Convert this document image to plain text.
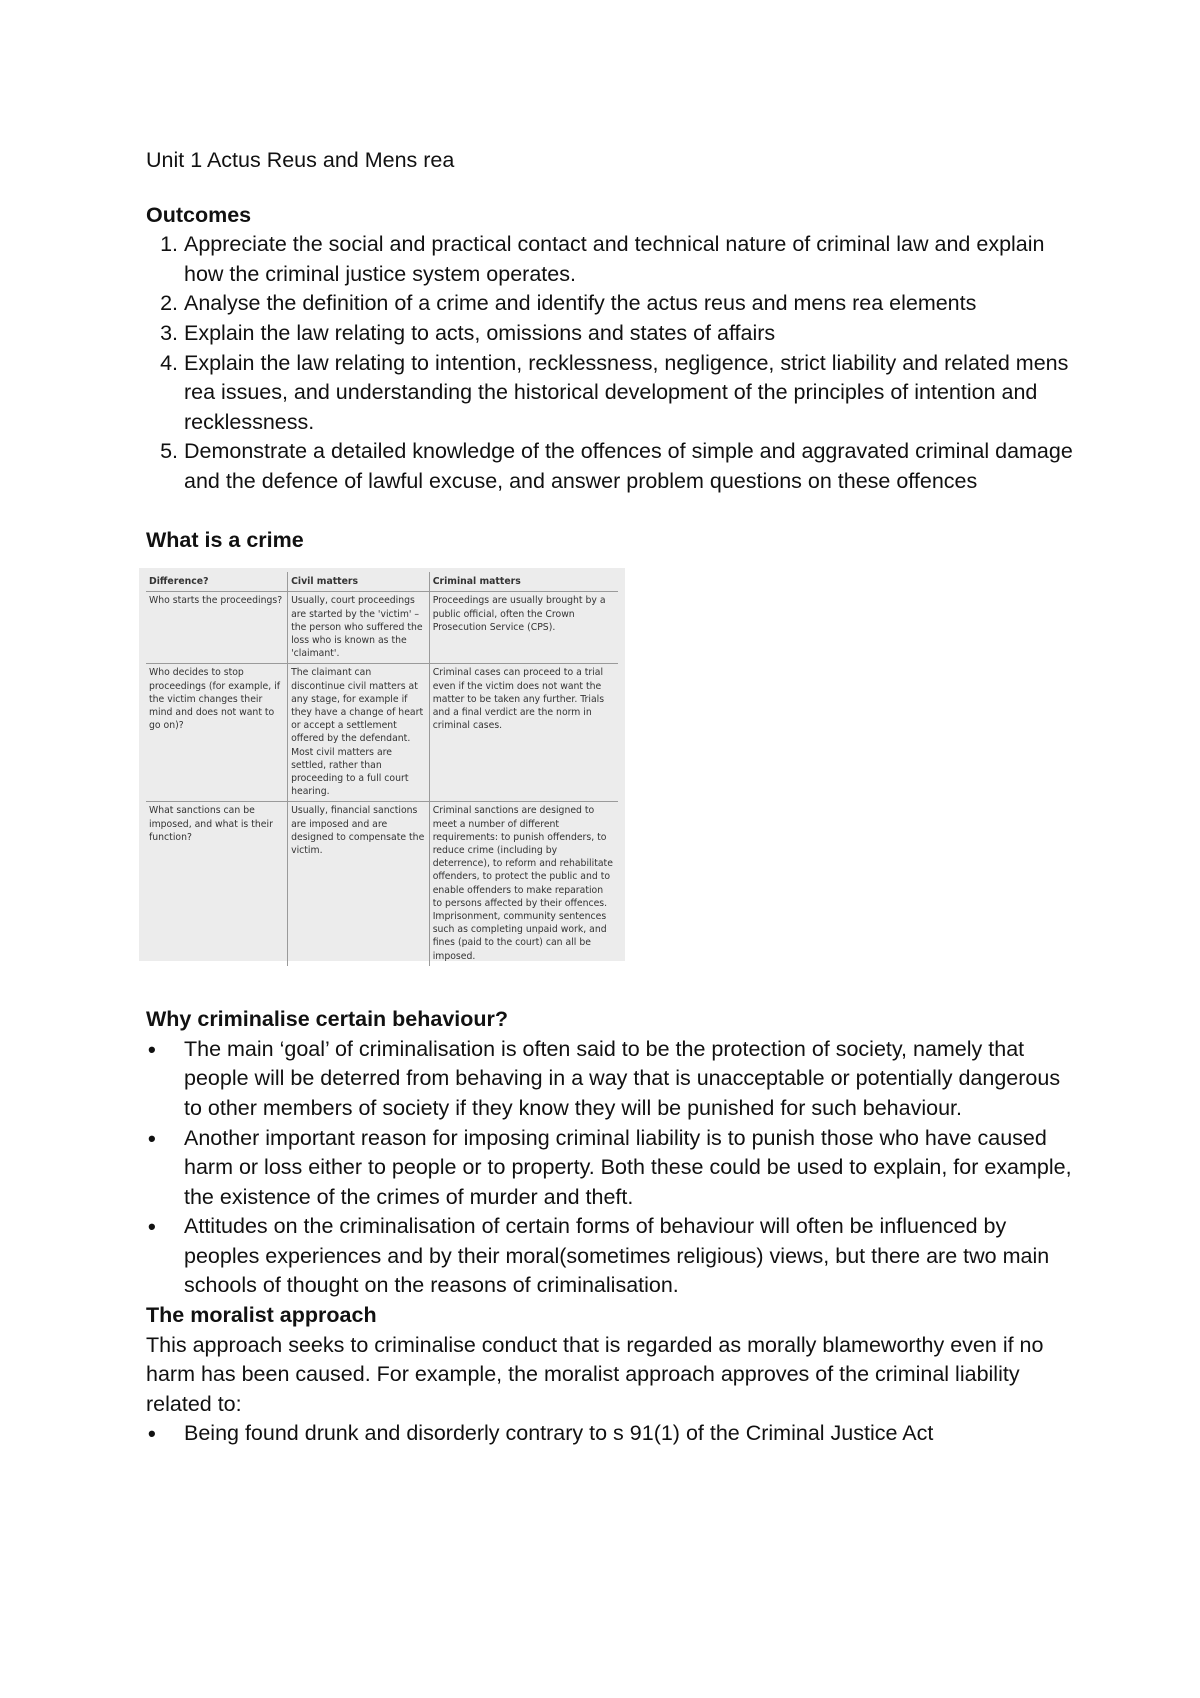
Unit 1 Actus Reus and Mens rea

Outcomes

1. Appreciate the social and practical contact and technical nature of criminal law and explain how the criminal justice system operates.
2. Analyse the definition of a crime and identify the actus reus and mens rea elements
3. Explain the law relating to acts, omissions and states of affairs
4. Explain the law relating to intention, recklessness, negligence, strict liability and related mens rea issues, and understanding the historical development of the principles of intention and recklessness.
5. Demonstrate a detailed knowledge of the offences of simple and aggravated criminal damage and the defence of lawful excuse, and answer problem questions on these offences

What is a crime

Difference?	Civil matters	Criminal matters
Who starts the proceedings?	Usually, court proceedings are started by the 'victim' – the person who suffered the loss who is known as the 'claimant'.	Proceedings are usually brought by a public official, often the Crown Prosecution Service (CPS).
Who decides to stop proceedings (for example, if the victim changes their mind and does not want to go on)?	The claimant can discontinue civil matters at any stage, for example if they have a change of heart or accept a settlement offered by the defendant. Most civil matters are settled, rather than proceeding to a full court hearing.	Criminal cases can proceed to a trial even if the victim does not want the matter to be taken any further. Trials and a final verdict are the norm in criminal cases.
What sanctions can be imposed, and what is their function?	Usually, financial sanctions are imposed and are designed to compensate the victim.	Criminal sanctions are designed to meet a number of different requirements: to punish offenders, to reduce crime (including by deterrence), to reform and rehabilitate offenders, to protect the public and to enable offenders to make reparation to persons affected by their offences. Imprisonment, community sentences such as completing unpaid work, and fines (paid to the court) can all be imposed.

Why criminalise certain behaviour?

• The main ‘goal’ of criminalisation is often said to be the protection of society, namely that people will be deterred from behaving in a way that is unacceptable or potentially dangerous to other members of society if they know they will be punished for such behaviour.
• Another important reason for imposing criminal liability is to punish those who have caused harm or loss either to people or to property. Both these could be used to explain, for example, the existence of the crimes of murder and theft.
• Attitudes on the criminalisation of certain forms of behaviour will often be influenced by peoples experiences and by their moral(sometimes religious) views, but there are two main schools of thought on the reasons of criminalisation.

The moralist approach

This approach seeks to criminalise conduct that is regarded as morally blameworthy even if no harm has been caused. For example, the moralist approach approves of the criminal liability related to:

• Being found drunk and disorderly contrary to s 91(1) of the Criminal Justice Act
